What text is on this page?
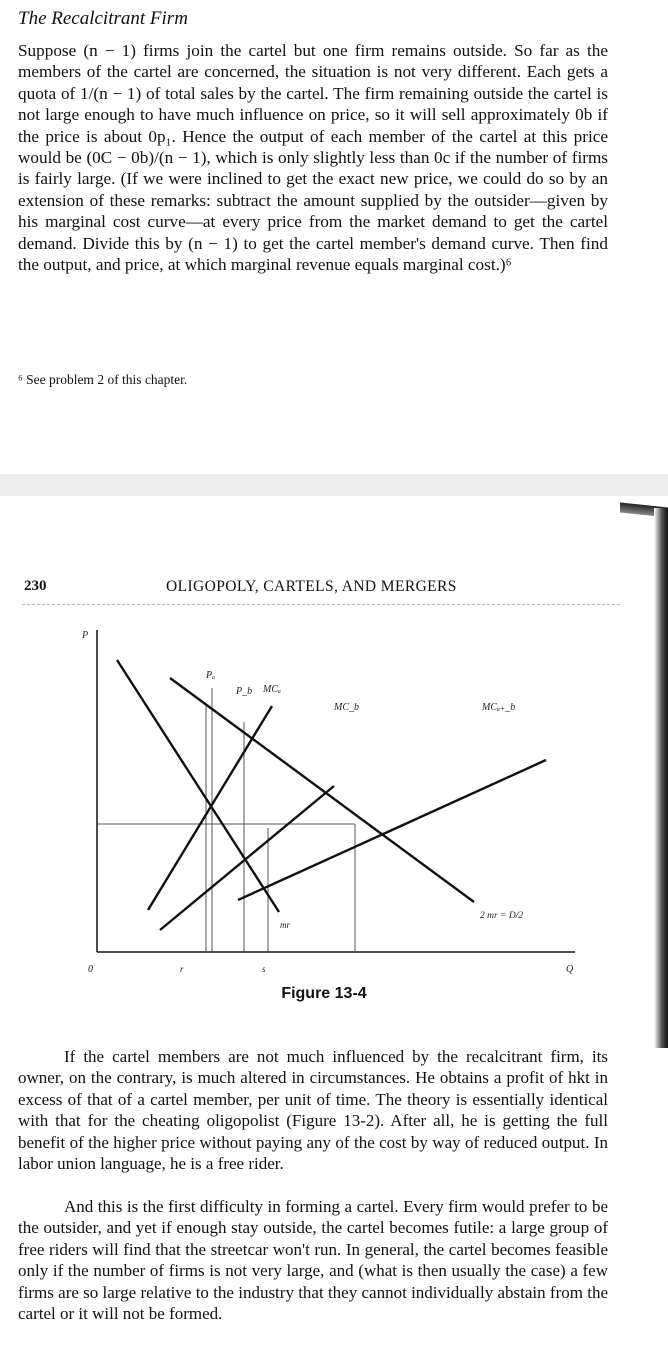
The Recalcitrant Firm

Suppose (n − 1) firms join the cartel but one firm remains outside. So far as the members of the cartel are concerned, the situation is not very different. Each gets a quota of 1/(n − 1) of total sales by the cartel. The firm remaining outside the cartel is not large enough to have much influence on price, so it will sell approximately 0b if the price is about 0p₁. Hence the output of each member of the cartel at this price would be (0C − 0b)/(n − 1), which is only slightly less than 0c if the number of firms is fairly large. (If we were inclined to get the exact new price, we could do so by an extension of these remarks: subtract the amount supplied by the outsider—given by his marginal cost curve—at every price from the market demand to get the cartel demand. Divide this by (n − 1) to get the cartel member's demand curve. Then find the output, and price, at which marginal revenue equals marginal cost.)⁶

⁶ See problem 2 of this chapter.

230	OLIGOPOLY, CARTELS, AND MERGERS

P
Pₐ
P_b MCₐ
MC_b	MCₐ₊_b
mr
2 mr = D/2
0	r	s	Q

Figure 13-4

If the cartel members are not much influenced by the recalcitrant firm, its owner, on the contrary, is much altered in circumstances. He obtains a profit of hkt in excess of that of a cartel member, per unit of time. The theory is essentially identical with that for the cheating oligopolist (Figure 13-2). After all, he is getting the full benefit of the higher price without paying any of the cost by way of reduced output. In labor union language, he is a free rider.

And this is the first difficulty in forming a cartel. Every firm would prefer to be the outsider, and yet if enough stay outside, the cartel becomes futile: a large group of free riders will find that the streetcar won't run. In general, the cartel becomes feasible only if the number of firms is not very large, and (what is then usually the case) a few firms are so large relative to the industry that they cannot individually abstain from the cartel or it will not be formed.
